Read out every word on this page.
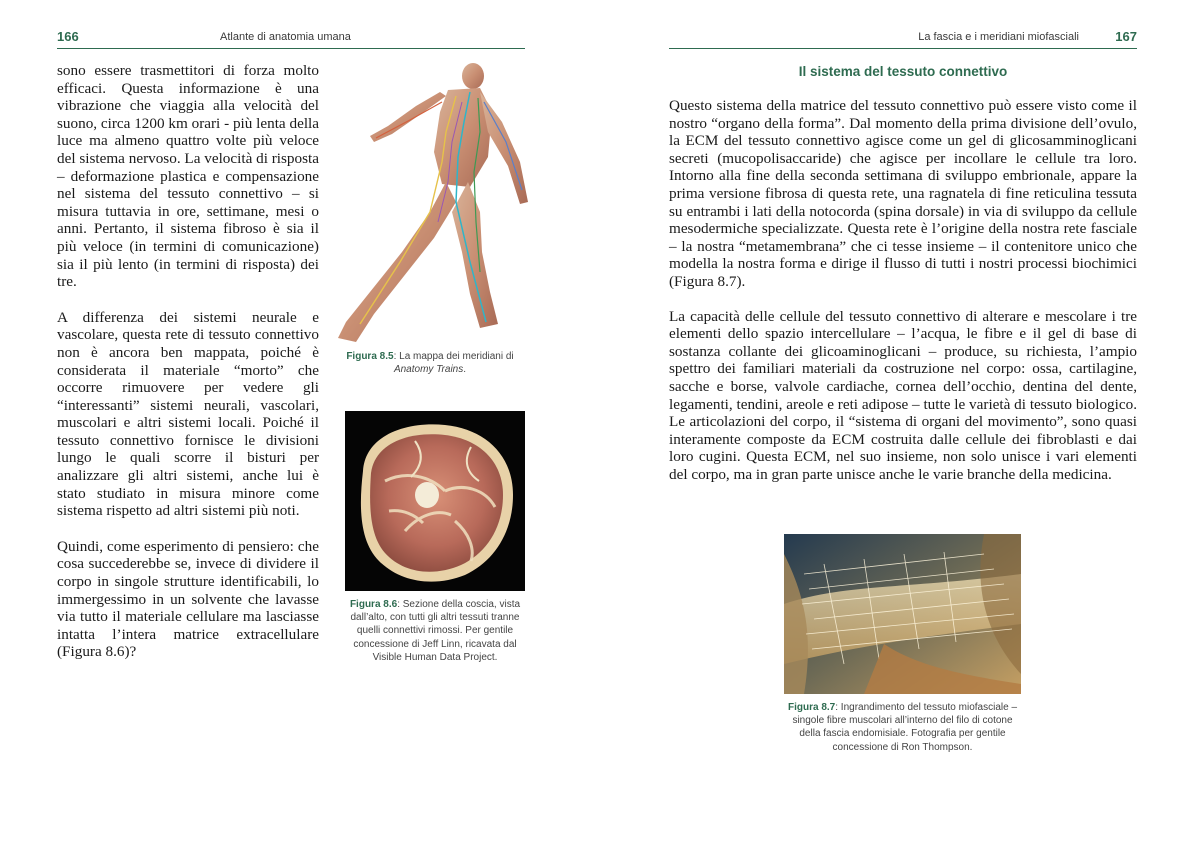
166	Atlante di anatomia umana

sono essere trasmettitori di forza molto efficaci. Questa informazione è una vibrazione che viaggia alla velocità del suono, circa 1200 km orari - più lenta della luce ma almeno quattro volte più veloce del sistema nervoso. La velocità di risposta – deformazione plastica e compensazione nel sistema del tessuto connettivo – si misura tuttavia in ore, settimane, mesi o anni. Pertanto, il sistema fibroso è sia il più veloce (in termini di comunicazione) sia il più lento (in termini di risposta) dei tre.

A differenza dei sistemi neurale e vascolare, questa rete di tessuto connettivo non è ancora ben mappata, poiché è considerata il materiale “morto” che occorre rimuovere per vedere gli “interessanti” sistemi neurali, vascolari, muscolari e altri sistemi locali. Poiché il tessuto connettivo fornisce le divisioni lungo le quali scorre il bisturi per analizzare gli altri sistemi, anche lui è stato studiato in misura minore come sistema rispetto ad altri sistemi più noti.

Quindi, come esperimento di pensiero: che cosa succederebbe se, invece di dividere il corpo in singole strutture identificabili, lo immergessimo in un solvente che lavasse via tutto il materiale cellulare ma lasciasse intatta l’intera matrice extracellulare (Figura 8.6)?

Figura 8.5: La mappa dei meridiani di Anatomy Trains.
Figura 8.6: Sezione della coscia, vista dall’alto, con tutti gli altri tessuti tranne quelli connettivi rimossi. Per gentile concessione di Jeff Linn, ricavata dal Visible Human Data Project.
La fascia e i meridiani miofasciali	167
Il sistema del tessuto connettivo

Questo sistema della matrice del tessuto connettivo può essere visto come il nostro “organo della forma”. Dal momento della prima divisione dell’ovulo, la ECM del tessuto connettivo agisce come un gel di glicosamminoglicani secreti (mucopolisaccaride) che agisce per incollare le cellule tra loro. Intorno alla fine della seconda settimana di sviluppo embrionale, appare la prima versione fibrosa di questa rete, una ragnatela di fine reticulina tessuta su entrambi i lati della notocorda (spina dorsale) in via di sviluppo da cellule mesodermiche specializzate. Questa rete è l’origine della nostra rete fasciale – la nostra “metamembrana” che ci tesse insieme – il contenitore unico che modella la nostra forma e dirige il flusso di tutti i nostri processi biochimici (Figura 8.7).

La capacità delle cellule del tessuto connettivo di alterare e mescolare i tre elementi dello spazio intercellulare – l’acqua, le fibre e il gel di base di sostanza collante dei glicoaminoglicani – produce, su richiesta, l’ampio spettro dei familiari materiali da costruzione nel corpo: ossa, cartilagine, sacche e borse, valvole cardiache, cornea dell’occhio, dentina del dente, legamenti, tendini, areole e reti adipose – tutte le varietà di tessuto biologico. Le articolazioni del corpo, il “sistema di organi del movimento”, sono quasi interamente composte da ECM costruita dalle cellule dei fibroblasti e dai loro cugini. Questa ECM, nel suo insieme, non solo unisce i vari elementi del corpo, ma in gran parte unisce anche le varie branche della medicina.

Figura 8.7: Ingrandimento del tessuto miofasciale – singole fibre muscolari all’interno del filo di cotone della fascia endomisiale. Fotografia per gentile concessione di Ron Thompson.
